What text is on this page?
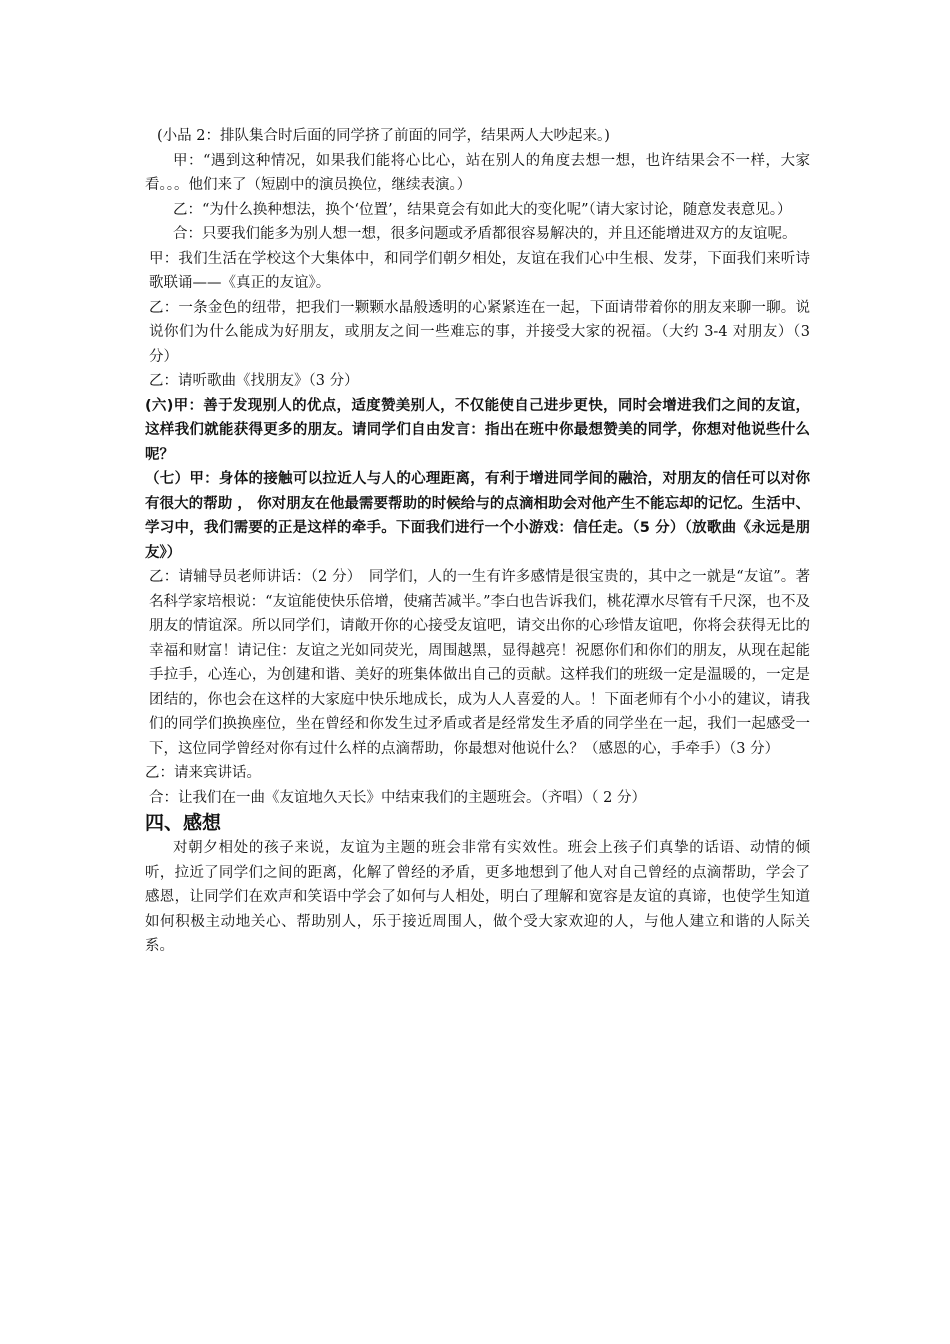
(小品 2：排队集合时后面的同学挤了前面的同学，结果两人大吵起来。)

甲：“遇到这种情况，如果我们能将心比心，站在别人的角度去想一想，也许结果会不一样，大家看。。。他们来了（短剧中的演员换位，继续表演。）

乙：“为什么换种想法，换个‘位置’，结果竟会有如此大的变化呢”（请大家讨论，随意发表意见。）

合：只要我们能多为别人想一想，很多问题或矛盾都很容易解决的，并且还能增进双方的友谊呢。

甲：我们生活在学校这个大集体中，和同学们朝夕相处，友谊在我们心中生根、发芽，下面我们来听诗歌联诵——《真正的友谊》。

乙：一条金色的纽带，把我们一颗颗水晶般透明的心紧紧连在一起，下面请带着你的朋友来聊一聊。说说你们为什么能成为好朋友，或朋友之间一些难忘的事，并接受大家的祝福。（大约 3-4 对朋友）（3 分）

乙：请听歌曲《找朋友》（3 分）

(六)甲：善于发现别人的优点，适度赞美别人，不仅能使自己进步更快，同时会增进我们之间的友谊，这样我们就能获得更多的朋友。请同学们自由发言：指出在班中你最想赞美的同学，你想对他说些什么呢？

（七）甲：身体的接触可以拉近人与人的心理距离，有利于增进同学间的融洽，对朋友的信任可以对你有很大的帮助 ， 你对朋友在他最需要帮助的时候给与的点滴相助会对他产生不能忘却的记忆。生活中、学习中，我们需要的正是这样的牵手。下面我们进行一个小游戏：信任走。（5 分）（放歌曲《永远是朋友》）

乙：请辅导员老师讲话：（2 分）　同学们，人的一生有许多感情是很宝贵的，其中之一就是“友谊”。著名科学家培根说：“友谊能使快乐倍增，使痛苦减半。”李白也告诉我们，桃花潭水尽管有千尺深，也不及朋友的情谊深。所以同学们，请敞开你的心接受友谊吧，请交出你的心珍惜友谊吧，你将会获得无比的幸福和财富！请记住：友谊之光如同荧光，周围越黑，显得越亮！祝愿你们和你们的朋友，从现在起能手拉手，心连心，为创建和谐、美好的班集体做出自己的贡献。这样我们的班级一定是温暖的，一定是团结的，你也会在这样的大家庭中快乐地成长，成为人人喜爱的人。！下面老师有个小小的建议，请我们的同学们换换座位，坐在曾经和你发生过矛盾或者是经常发生矛盾的同学坐在一起，我们一起感受一下，这位同学曾经对你有过什么样的点滴帮助，你最想对他说什么？（感恩的心，手牵手）（3 分）

乙：请来宾讲话。

合：让我们在一曲《友谊地久天长》中结束我们的主题班会。（齐唱）（ 2 分）

四、感想

对朝夕相处的孩子来说，友谊为主题的班会非常有实效性。班会上孩子们真挚的话语、动情的倾听，拉近了同学们之间的距离，化解了曾经的矛盾，更多地想到了他人对自己曾经的点滴帮助，学会了感恩，让同学们在欢声和笑语中学会了如何与人相处，明白了理解和宽容是友谊的真谛，也使学生知道如何积极主动地关心、帮助别人，乐于接近周围人，做个受大家欢迎的人，与他人建立和谐的人际关系。
